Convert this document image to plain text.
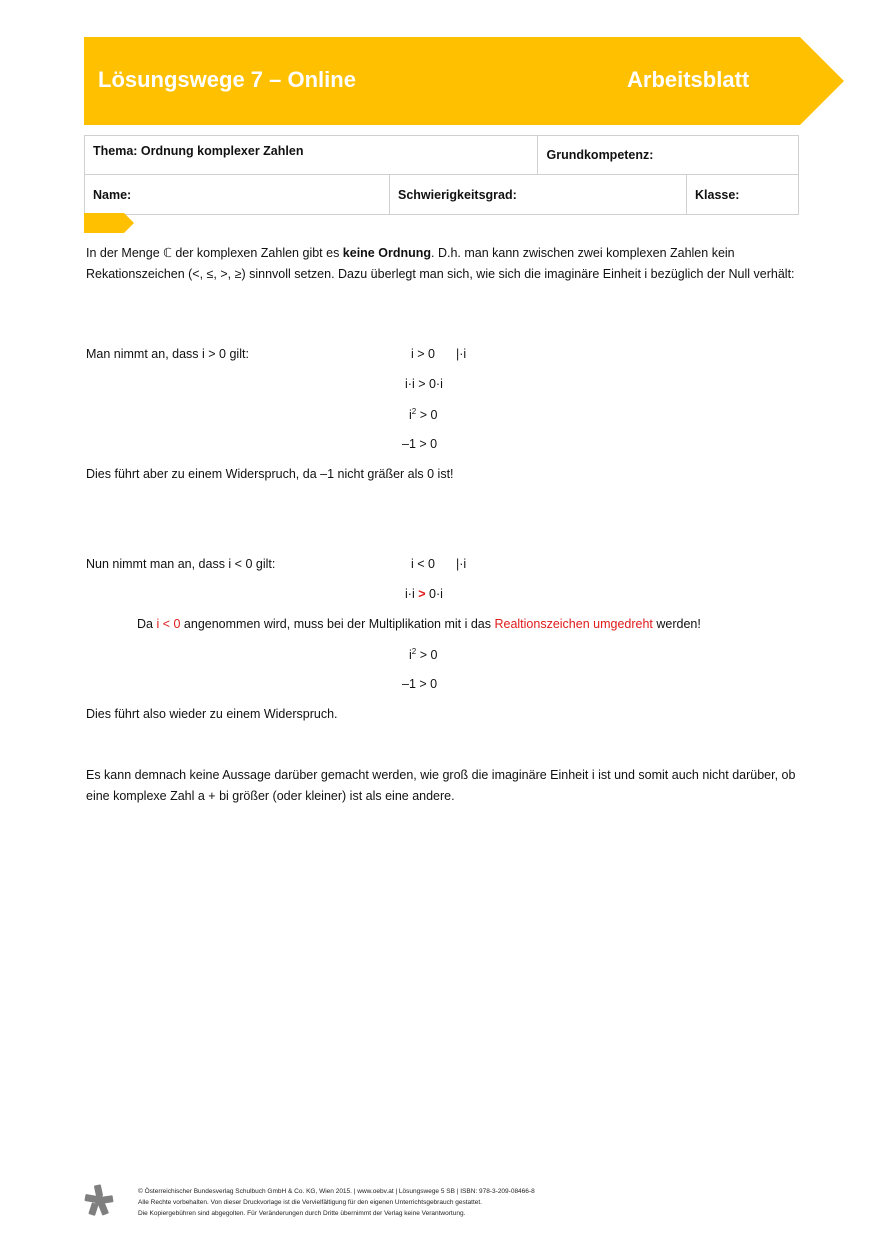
Lösungswege 7 – Online	Arbeitsblatt
Thema: Ordnung komplexer Zahlen		Grundkompetenz:	
Name:	Schwierigkeitsgrad:		Klasse:
In der Menge ℂ der komplexen Zahlen gibt es keine Ordnung. D.h. man kann zwischen zwei komplexen Zahlen kein Rekationszeichen (<, ≤, >, ≥) sinnvoll setzen. Dazu überlegt man sich, wie sich die imaginäre Einheit i bezüglich der Null verhält:
Man nimmt an, dass i > 0 gilt:	i > 0 |·i
i·i > 0·i
$i^2 > 0$
–1 > 0
Dies führt aber zu einem Widerspruch, da –1 nicht gräßer als 0 ist!
Nun nimmt man an, dass i < 0 gilt:	i < 0 |·i
i·i > 0·i
Da i < 0 angenommen wird, muss bei der Multiplikation mit i das Realtionszeichen umgedreht werden!
$i^2 > 0$
–1 > 0
Dies führt also wieder zu einem Widerspruch.
Es kann demnach keine Aussage darüber gemacht werden, wie groß die imaginäre Einheit i ist und somit auch nicht darüber, ob eine komplexe Zahl a + bi größer (oder kleiner) ist als eine andere.
© Österreichischer Bundesverlag Schulbuch GmbH & Co. KG, Wien 2015. | www.oebv.at | Lösungswege 5 SB | ISBN: 978-3-209-08466-8
Alle Rechte vorbehalten. Von dieser Druckvorlage ist die Vervielfältigung für den eigenen Unterrichtsgebrauch gestattet.
Die Kopiergebühren sind abgegolten. Für Veränderungen durch Dritte übernimmt der Verlag keine Verantwortung.
